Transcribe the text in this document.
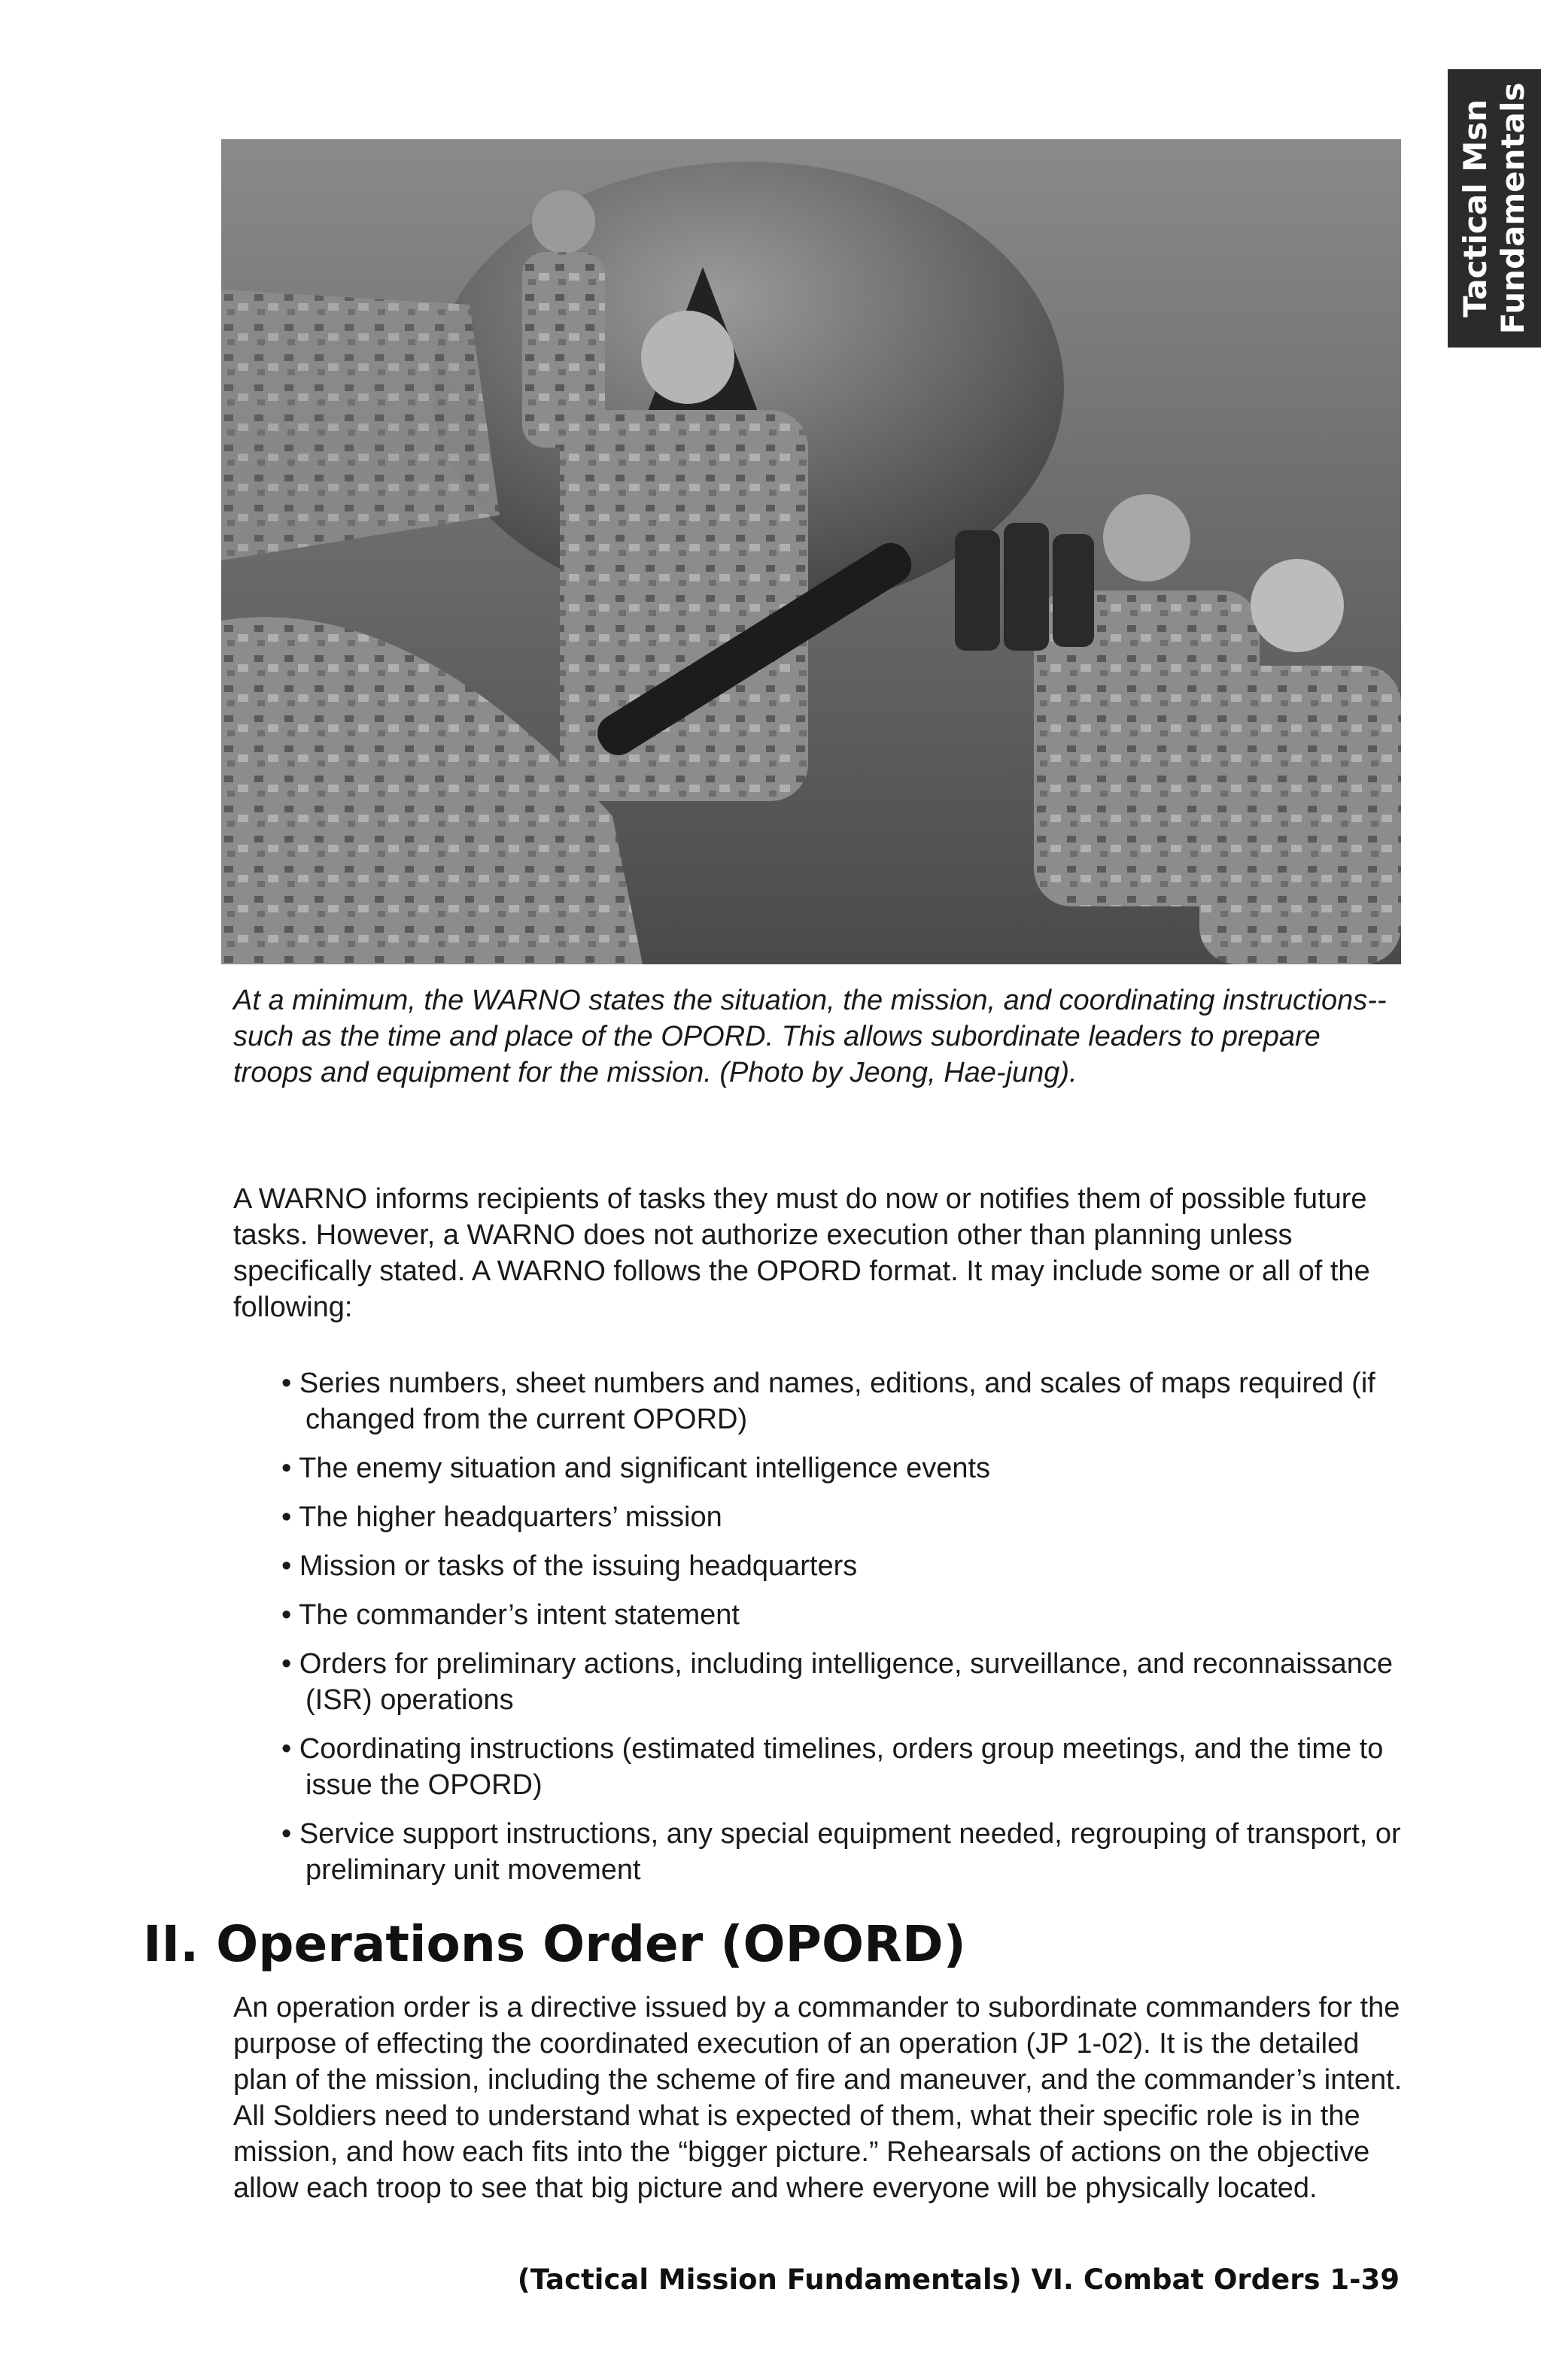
Tactical Msn Fundamentals

At a minimum, the WARNO states the situation, the mission, and coordinating instructions--such as the time and place of the OPORD. This allows subordinate leaders to prepare troops and equipment for the mission. (Photo by Jeong, Hae-jung).

A WARNO informs recipients of tasks they must do now or notifies them of possible future tasks. However, a WARNO does not authorize execution other than planning unless specifically stated. A WARNO follows the OPORD format. It may include some or all of the following:

• Series numbers, sheet numbers and names, editions, and scales of maps required (if changed from the current OPORD)
• The enemy situation and significant intelligence events
• The higher headquarters’ mission
• Mission or tasks of the issuing headquarters
• The commander’s intent statement
• Orders for preliminary actions, including intelligence, surveillance, and reconnaissance (ISR) operations
• Coordinating instructions (estimated timelines, orders group meetings, and the time to issue the OPORD)
• Service support instructions, any special equipment needed, regrouping of transport, or preliminary unit movement
II. Operations Order (OPORD)

An operation order is a directive issued by a commander to subordinate commanders for the purpose of effecting the coordinated execution of an operation (JP 1-02). It is the detailed plan of the mission, including the scheme of fire and maneuver, and the commander’s intent. All Soldiers need to understand what is expected of them, what their specific role is in the mission, and how each fits into the “bigger picture.” Rehearsals of actions on the objective allow each troop to see that big picture and where everyone will be physically located.

(Tactical Mission Fundamentals) VI. Combat Orders 1-39
